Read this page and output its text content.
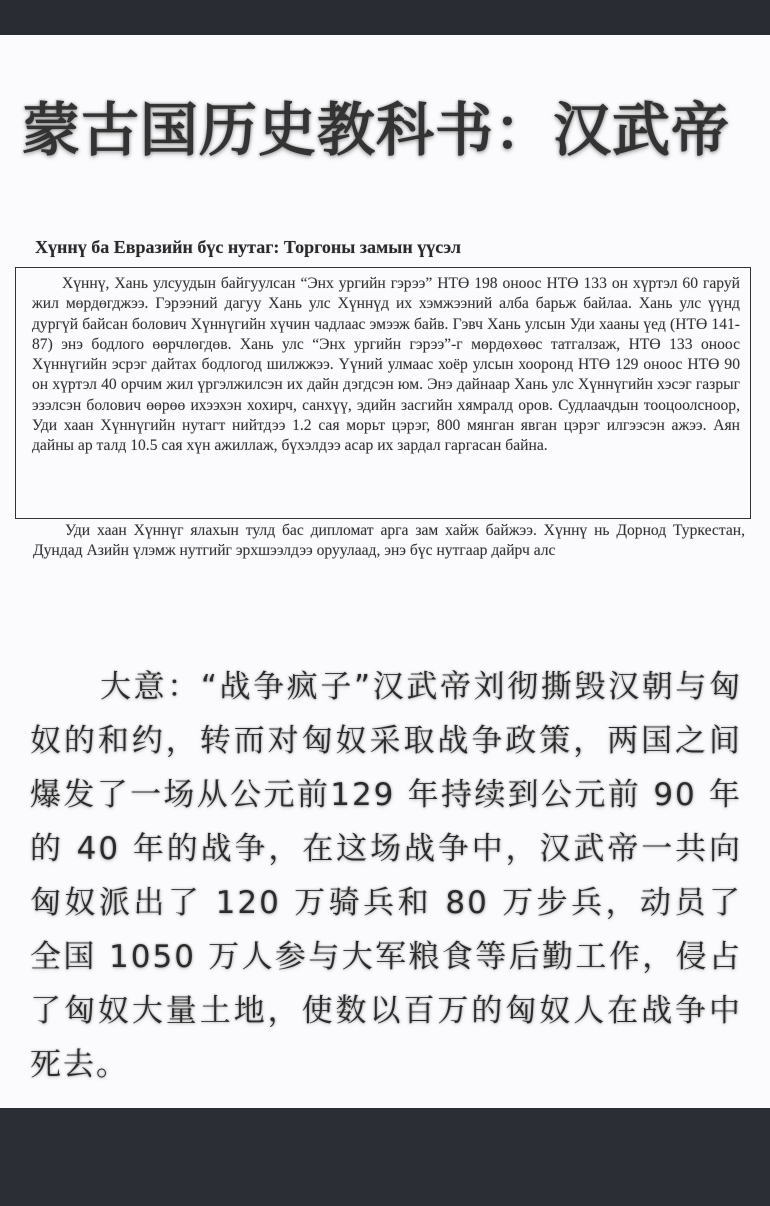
蒙古国历史教科书：汉武帝
Хүннү ба Евразийн бүс нутаг: Торгоны замын үүсэл

Хүннү, Хань улсуудын байгуулсан “Энх ургийн гэрээ” НТӨ 198 оноос НТӨ 133 он хүртэл 60 гаруй жил мөрдөгджээ. Гэрээний дагуу Хань улс Хүннүд их хэмжээний алба барьж байлаа. Хань улс үүнд дургүй байсан болович Хүннүгийн хүчин чадлаас эмээж байв. Гэвч Хань улсын Уди хааны үед (НТӨ 141-87) энэ бодлого өөрчлөгдөв. Хань улс “Энх ургийн гэрээ”-г мөрдөхөөс татгалзаж, НТӨ 133 оноос Хүннүгийн эсрэг дайтах бодлогод шилжжээ. Үүний улмаас хоёр улсын хооронд НТӨ 129 оноос НТӨ 90 он хүртэл 40 орчим жил үргэлжилсэн их дайн дэгдсэн юм. Энэ дайнаар Хань улс Хүннүгийн хэсэг газрыг эзэлсэн болович өөрөө ихээхэн хохирч, санхүү, эдийн засгийн хямралд оров. Судлаачдын тооцоолсноор, Уди хаан Хүннүгийн нутагт нийтдээ 1.2 сая морьт цэрэг, 800 мянган явган цэрэг илгээсэн ажээ. Аян дайны ар талд 10.5 сая хүн ажиллаж, бүхэлдээ асар их зардал гаргасан байна.

Уди хаан Хүннүг ялахын тулд бас дипломат арга зам хайж байжээ. Хүннү нь Дорнод Туркестан, Дундад Азийн үлэмж нутгийг эрхшээлдээ оруулаад, энэ бүс нутгаар дайрч алс

大意：“战争疯子”汉武帝刘彻撕毁汉朝与匈奴的和约，转而对匈奴采取战争政策，两国之间爆发了一场从公元前129 年持续到公元前 90 年的 40 年的战争，在这场战争中，汉武帝一共向匈奴派出了 120 万骑兵和 80 万步兵，动员了全国 1050 万人参与大军粮食等后勤工作，侵占了匈奴大量土地，使数以百万的匈奴人在战争中死去。
